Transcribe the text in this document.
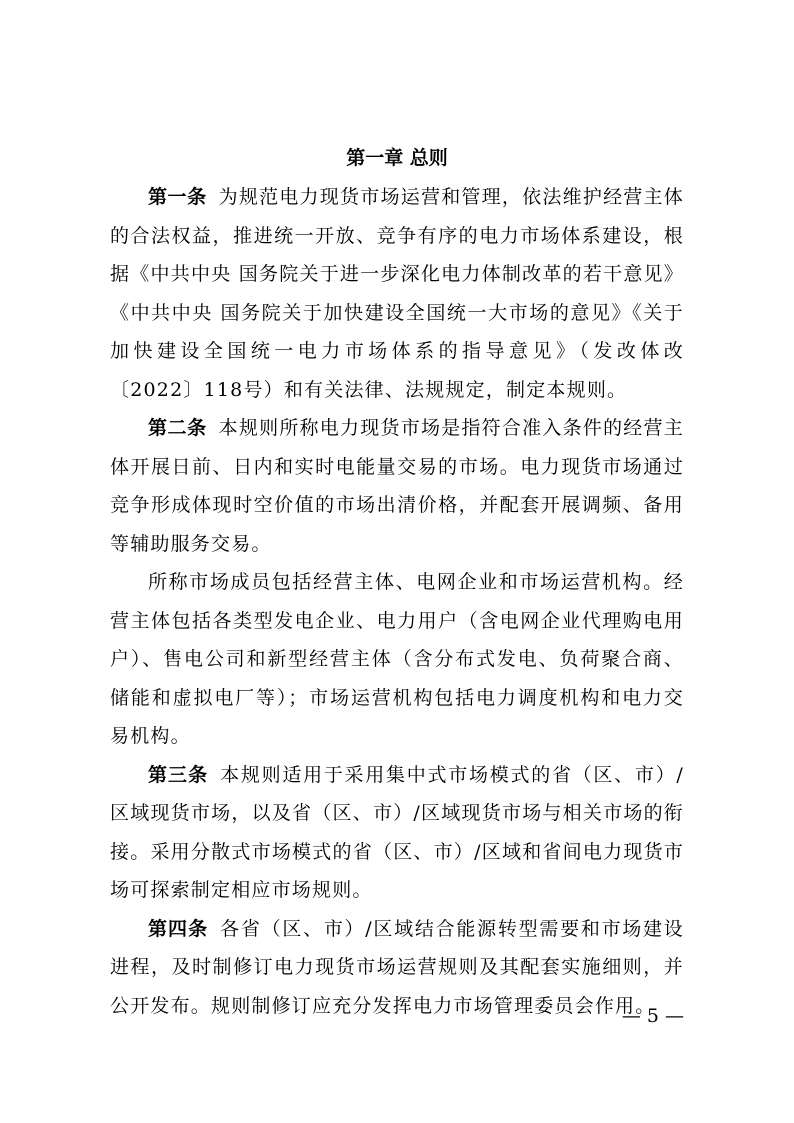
第一章 总则

第一条 为规范电力现货市场运营和管理，依法维护经营主体的合法权益，推进统一开放、竞争有序的电力市场体系建设，根据《中共中央 国务院关于进一步深化电力体制改革的若干意见》《中共中央 国务院关于加快建设全国统一大市场的意见》《关于加快建设全国统一电力市场体系的指导意见》（发改体改〔2022〕118号）和有关法律、法规规定，制定本规则。

第二条 本规则所称电力现货市场是指符合准入条件的经营主体开展日前、日内和实时电能量交易的市场。电力现货市场通过竞争形成体现时空价值的市场出清价格，并配套开展调频、备用等辅助服务交易。

所称市场成员包括经营主体、电网企业和市场运营机构。经营主体包括各类型发电企业、电力用户（含电网企业代理购电用户）、售电公司和新型经营主体（含分布式发电、负荷聚合商、储能和虚拟电厂等）；市场运营机构包括电力调度机构和电力交易机构。

第三条 本规则适用于采用集中式市场模式的省（区、市）/区域现货市场，以及省（区、市）/区域现货市场与相关市场的衔接。采用分散式市场模式的省（区、市）/区域和省间电力现货市场可探索制定相应市场规则。

第四条 各省（区、市）/区域结合能源转型需要和市场建设进程，及时制修订电力现货市场运营规则及其配套实施细则，并公开发布。规则制修订应充分发挥电力市场管理委员会作用。

— 5 —
